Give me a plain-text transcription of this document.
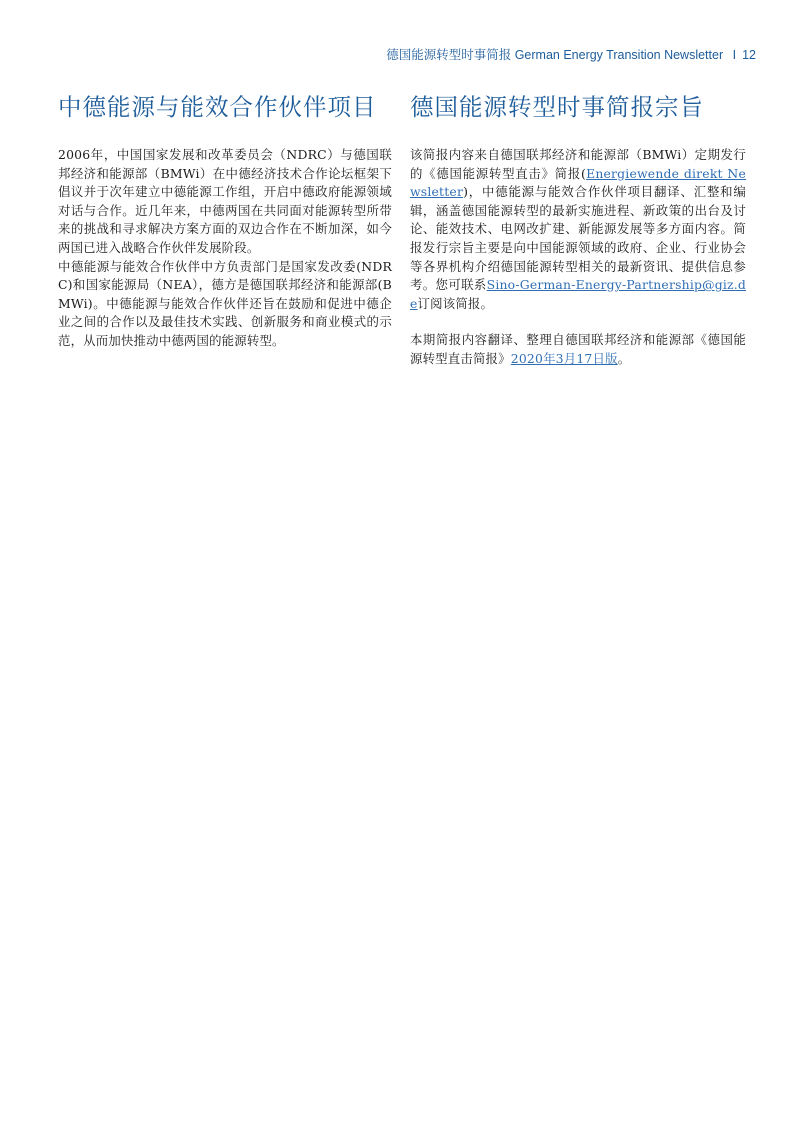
德国能源转型时事简报 German Energy Transition Newsletter I 12
中德能源与能效合作伙伴项目

2006年，中国国家发展和改革委员会（NDRC）与德国联邦经济和能源部（BMWi）在中德经济技术合作论坛框架下倡议并于次年建立中德能源工作组，开启中德政府能源领域对话与合作。近几年来，中德两国在共同面对能源转型所带来的挑战和寻求解决方案方面的双边合作在不断加深，如今两国已进入战略合作伙伴发展阶段。

中德能源与能效合作伙伴中方负责部门是国家发改委(NDRC)和国家能源局（NEA），德方是德国联邦经济和能源部(BMWi)。中德能源与能效合作伙伴还旨在鼓励和促进中德企业之间的合作以及最佳技术实践、创新服务和商业模式的示范，从而加快推动中德两国的能源转型。

德国能源转型时事简报宗旨

该简报内容来自德国联邦经济和能源部（BMWi）定期发行的《德国能源转型直击》简报(Energiewende direkt Newsletter)，中德能源与能效合作伙伴项目翻译、汇整和编辑，涵盖德国能源转型的最新实施进程、新政策的出台及讨论、能效技术、电网改扩建、新能源发展等多方面内容。简报发行宗旨主要是向中国能源领域的政府、企业、行业协会等各界机构介绍德国能源转型相关的最新资讯、提供信息参考。您可联系Sino-German-Energy-Partnership@giz.de订阅该简报。

本期简报内容翻译、整理自德国联邦经济和能源部《德国能源转型直击简报》2020年3月17日版。
